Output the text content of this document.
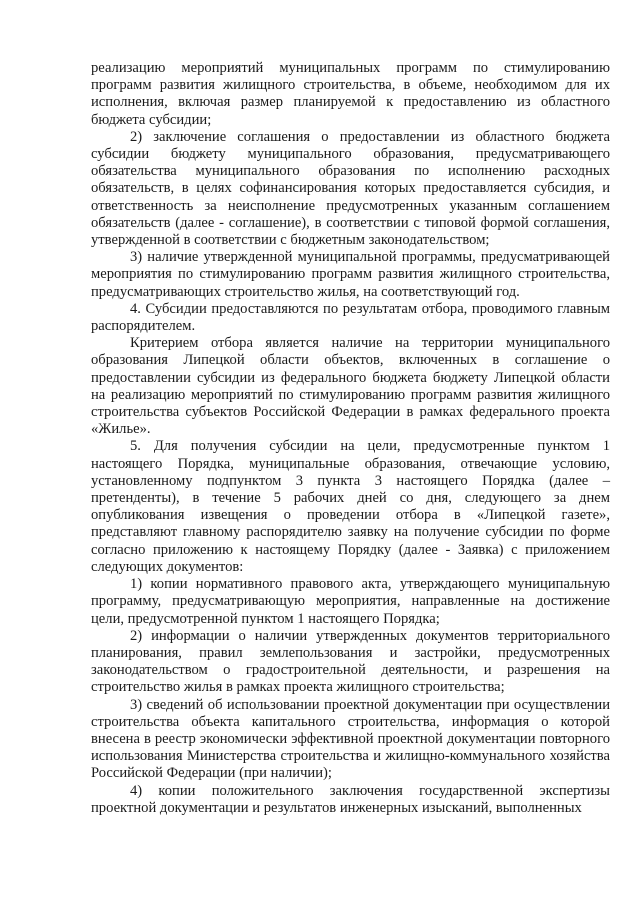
реализацию мероприятий муниципальных программ по стимулированию программ развития жилищного строительства, в объеме, необходимом для их исполнения, включая размер планируемой к предоставлению из областного бюджета субсидии;

2) заключение соглашения о предоставлении из областного бюджета субсидии бюджету муниципального образования, предусматривающего обязательства муниципального образования по исполнению расходных обязательств, в целях софинансирования которых предоставляется субсидия, и ответственность за неисполнение предусмотренных указанным соглашением обязательств (далее - соглашение), в соответствии с типовой формой соглашения, утвержденной в соответствии с бюджетным законодательством;

3) наличие утвержденной муниципальной программы, предусматривающей мероприятия по стимулированию программ развития жилищного строительства, предусматривающих строительство жилья, на соответствующий год.

4. Субсидии предоставляются по результатам отбора, проводимого главным распорядителем.

Критерием отбора является наличие на территории муниципального образования Липецкой области объектов, включенных в соглашение о предоставлении субсидии из федерального бюджета бюджету Липецкой области на реализацию мероприятий по стимулированию программ развития жилищного строительства субъектов Российской Федерации в рамках федерального проекта «Жилье».

5. Для получения субсидии на цели, предусмотренные пунктом 1 настоящего Порядка, муниципальные образования, отвечающие условию, установленному подпунктом 3 пункта 3 настоящего Порядка (далее – претенденты), в течение 5 рабочих дней со дня, следующего за днем опубликования извещения о проведении отбора в «Липецкой газете», представляют главному распорядителю заявку на получение субсидии по форме согласно приложению к настоящему Порядку (далее - Заявка) с приложением следующих документов:

1) копии нормативного правового акта, утверждающего муниципальную программу, предусматривающую мероприятия, направленные на достижение цели, предусмотренной пунктом 1 настоящего Порядка;

2) информации о наличии утвержденных документов территориального планирования, правил землепользования и застройки, предусмотренных законодательством о градостроительной деятельности, и разрешения на строительство жилья в рамках проекта жилищного строительства;

3) сведений об использовании проектной документации при осуществлении строительства объекта капитального строительства, информация о которой внесена в реестр экономически эффективной проектной документации повторного использования Министерства строительства и жилищно-коммунального хозяйства Российской Федерации (при наличии);

4) копии положительного заключения государственной экспертизы проектной документации и результатов инженерных изысканий, выполненных
